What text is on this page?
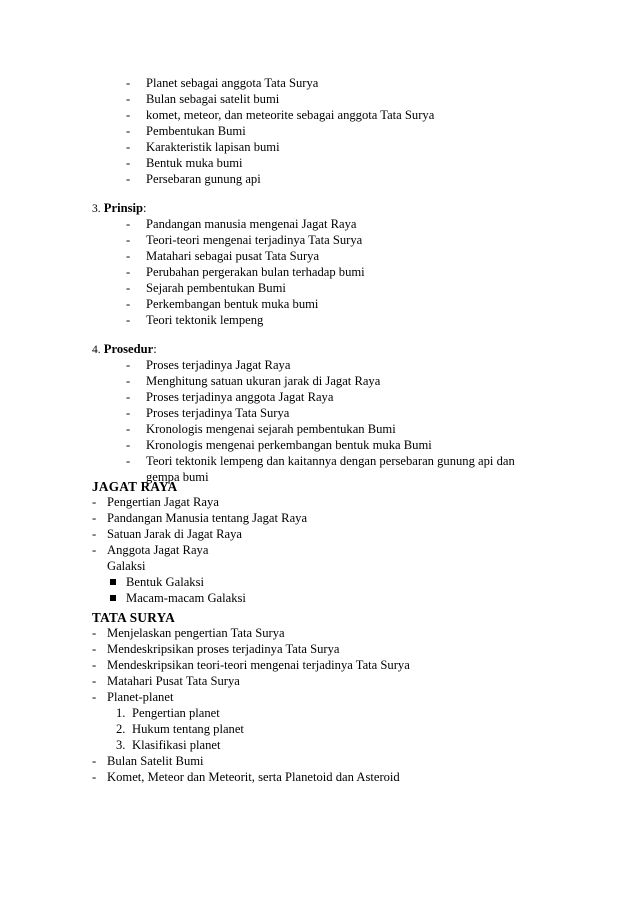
- Planet sebagai anggota Tata Surya
- Bulan sebagai satelit bumi
- komet, meteor, dan meteorite sebagai anggota Tata Surya
- Pembentukan Bumi
- Karakteristik lapisan bumi
- Bentuk muka bumi
- Persebaran gunung api
3. Prinsip:
- Pandangan manusia mengenai Jagat Raya
- Teori-teori mengenai terjadinya Tata Surya
- Matahari sebagai pusat Tata Surya
- Perubahan pergerakan bulan terhadap bumi
- Sejarah pembentukan Bumi
- Perkembangan bentuk muka bumi
- Teori tektonik lempeng
4. Prosedur:
- Proses terjadinya Jagat Raya
- Menghitung satuan ukuran jarak di Jagat Raya
- Proses terjadinya anggota Jagat Raya
- Proses terjadinya Tata Surya
- Kronologis mengenai sejarah pembentukan Bumi
- Kronologis mengenai perkembangan bentuk muka Bumi
- Teori tektonik lempeng dan kaitannya dengan persebaran gunung api dan
gempa bumi
JAGAT RAYA
- Pengertian Jagat Raya
- Pandangan Manusia tentang Jagat Raya
- Satuan Jarak di Jagat Raya
- Anggota Jagat Raya
Galaksi
Bentuk Galaksi
Macam-macam Galaksi
TATA SURYA
- Menjelaskan pengertian Tata Surya
- Mendeskripsikan proses terjadinya Tata Surya
- Mendeskripsikan teori-teori mengenai terjadinya Tata Surya
- Matahari Pusat Tata Surya
- Planet-planet
1. Pengertian planet
2. Hukum tentang planet
3. Klasifikasi planet
- Bulan Satelit Bumi
- Komet, Meteor dan Meteorit, serta Planetoid dan Asteroid
